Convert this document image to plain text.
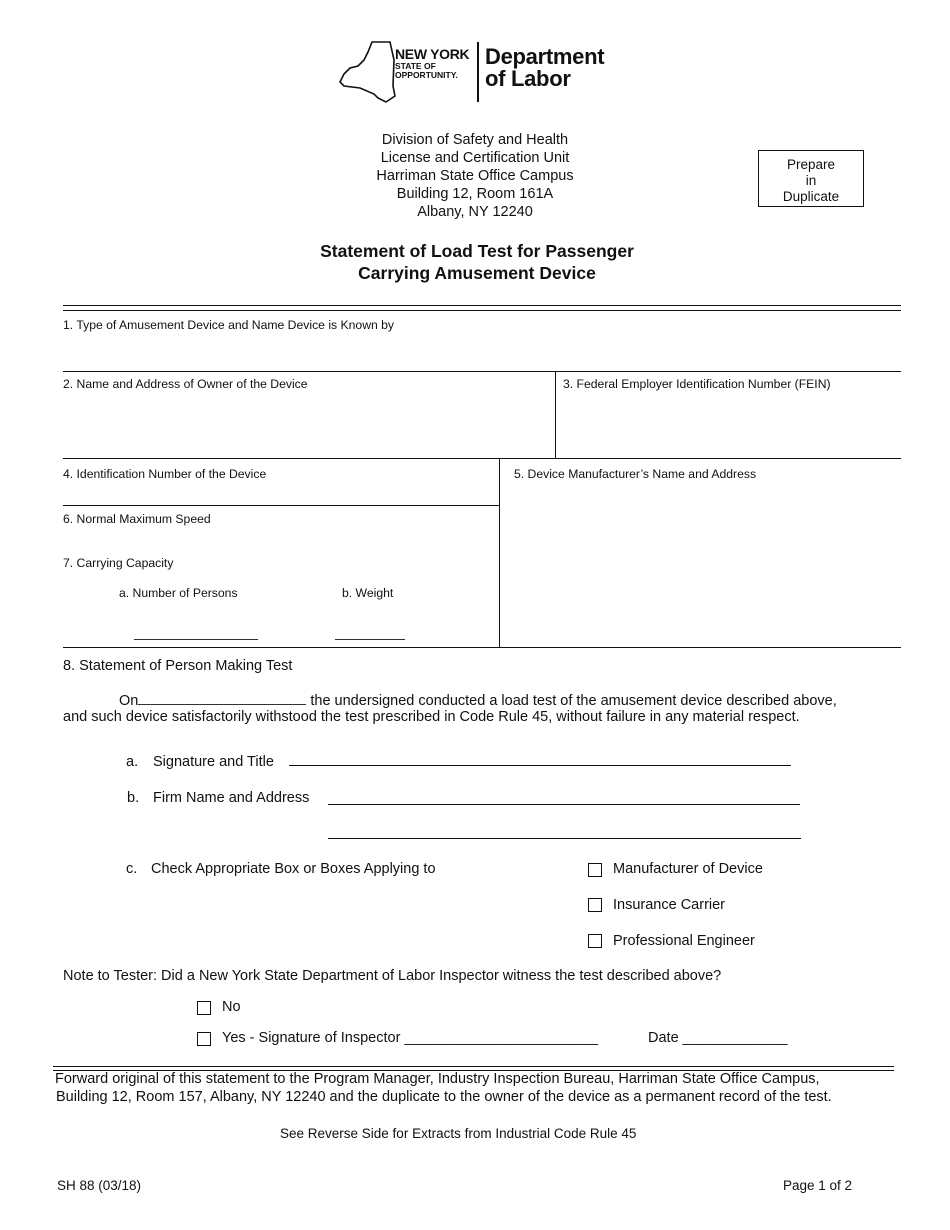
NEW YORK
STATE OF
OPPORTUNITY.
Department
of Labor
Division of Safety and Health
License and Certification Unit
Harriman State Office Campus
Building 12, Room 161A
Albany, NY 12240
Prepare
in
Duplicate
Statement of Load Test for Passenger
Carrying Amusement Device
1. Type of Amusement Device and Name Device is Known by
2. Name and Address of Owner of the Device	3. Federal Employer Identification Number (FEIN)
4. Identification Number of the Device	5. Device Manufacturer’s Name and Address
6. Normal Maximum Speed
7. Carrying Capacity
a. Number of Persons	b. Weight
8. Statement of Person Making Test
On	the undersigned conducted a load test of the amusement device described above,
and such device satisfactorily withstood the test prescribed in Code Rule 45, without failure in any material respect.
a. Signature and Title
b. Firm Name and Address
c. Check Appropriate Box or Boxes Applying to	Manufacturer of Device
Insurance Carrier
Professional Engineer
Note to Tester: Did a New York State Department of Labor Inspector witness the test described above?
No
Yes - Signature of Inspector ________________________	Date _____________
Forward original of this statement to the Program Manager, Industry Inspection Bureau, Harriman State Office Campus,
Building 12, Room 157, Albany, NY 12240 and the duplicate to the owner of the device as a permanent record of the test.
See Reverse Side for Extracts from Industrial Code Rule 45
SH 88 (03/18)	Page 1 of 2
